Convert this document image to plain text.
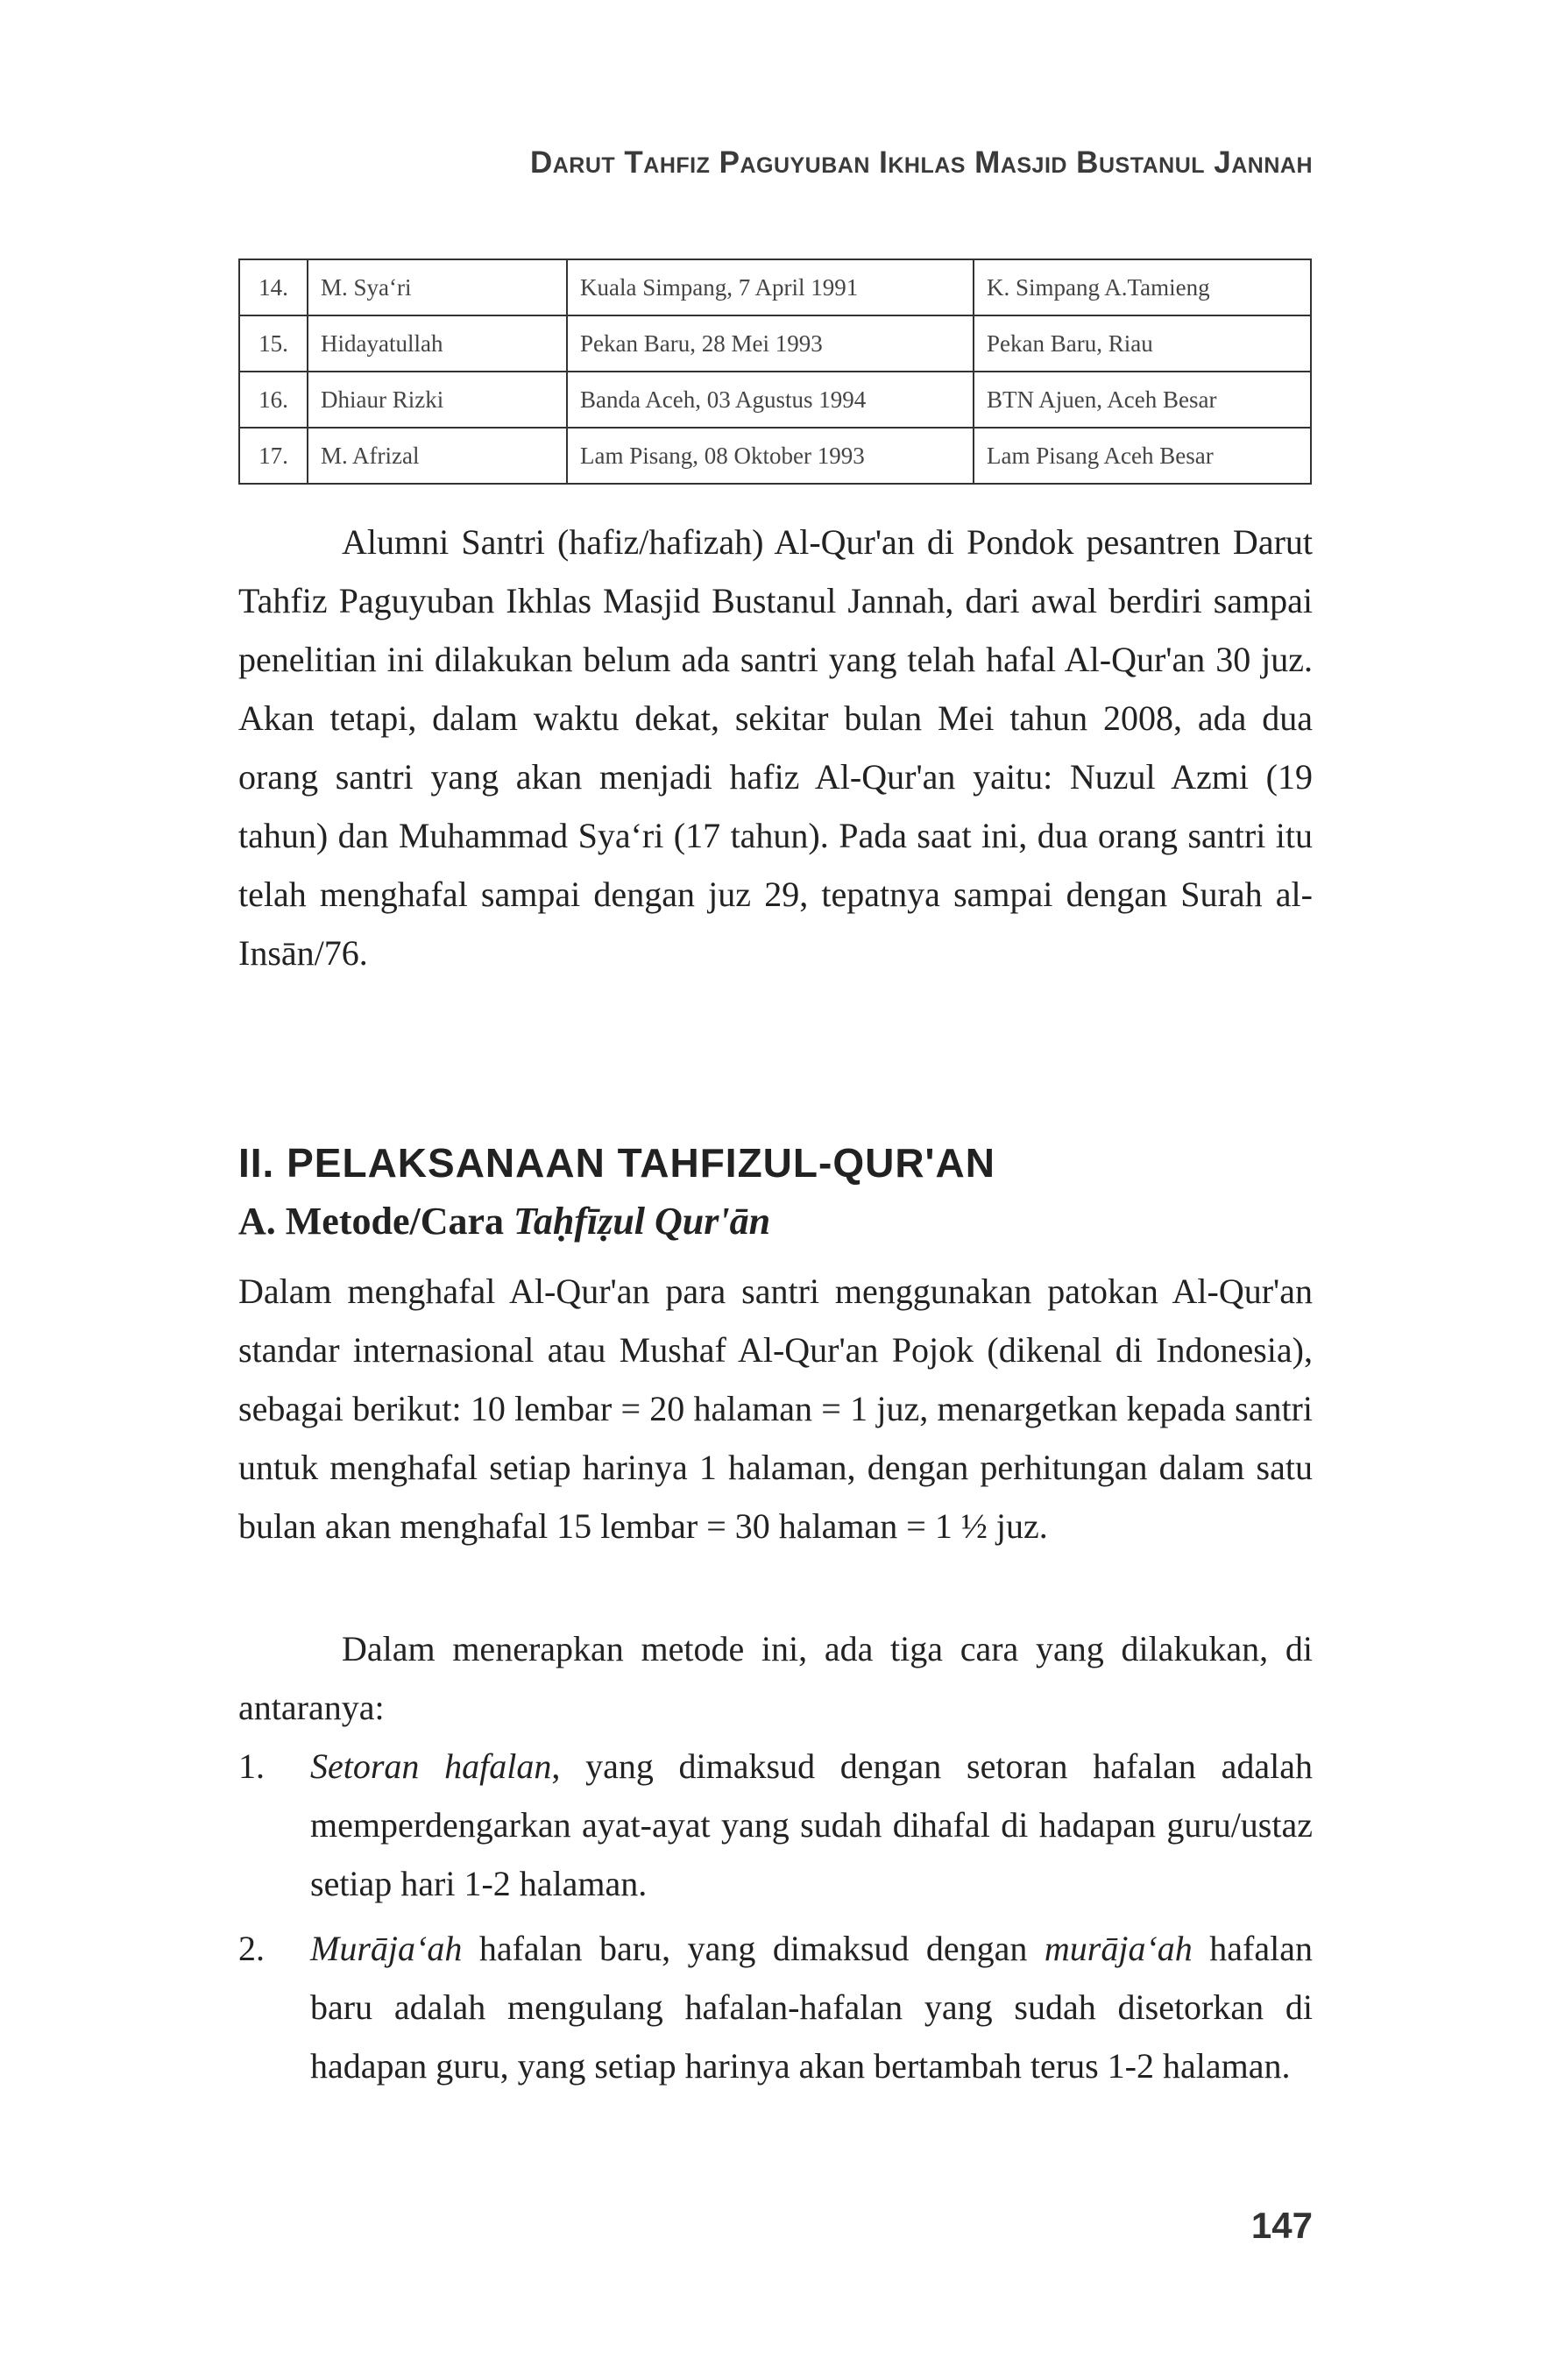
Darut Tahfiz Paguyuban Ikhlas Masjid Bustanul Jannah
14.	M. Sya‘ri	Kuala Simpang, 7 April 1991	K. Simpang A.Tamieng
15.	Hidayatullah	Pekan Baru, 28 Mei 1993	Pekan Baru, Riau
16.	Dhiaur Rizki	Banda Aceh, 03 Agustus 1994	BTN Ajuen, Aceh Besar
17.	M. Afrizal	Lam Pisang, 08 Oktober 1993	Lam Pisang Aceh Besar

Alumni Santri (hafiz/hafizah) Al-Qur'an di Pondok pesantren Darut Tahfiz Paguyuban Ikhlas Masjid Bustanul Jannah, dari awal berdiri sampai penelitian ini dilakukan belum ada santri yang telah hafal Al-Qur'an 30 juz. Akan tetapi, dalam waktu dekat, sekitar bulan Mei tahun 2008, ada dua orang santri yang akan menjadi hafiz Al-Qur'an yaitu: Nuzul Azmi (19 tahun) dan Muhammad Sya‘ri (17 tahun). Pada saat ini, dua orang santri itu telah menghafal sampai dengan juz 29, tepatnya sampai dengan Surah al-Insān/76.

II. PELAKSANAAN TAHFIZUL-QUR'AN
A. Metode/Cara Taḥfīẓul Qur'ān

Dalam menghafal Al-Qur'an para santri menggunakan patokan Al-Qur'an standar internasional atau Mushaf Al-Qur'an Pojok (dikenal di Indonesia), sebagai berikut: 10 lembar = 20 halaman = 1 juz, menargetkan kepada santri untuk menghafal setiap harinya 1 halaman, dengan perhitungan dalam satu bulan akan menghafal 15 lembar = 30 halaman = 1 ½ juz.

Dalam menerapkan metode ini, ada tiga cara yang dilakukan, di antaranya:

1. Setoran hafalan, yang dimaksud dengan setoran hafalan adalah memperdengarkan ayat-ayat yang sudah dihafal di hadapan guru/ustaz setiap hari 1-2 halaman.
2. Murāja‘ah hafalan baru, yang dimaksud dengan murāja‘ah hafalan baru adalah mengulang hafalan-hafalan yang sudah disetorkan di hadapan guru, yang setiap harinya akan bertambah terus 1-2 halaman.
147
